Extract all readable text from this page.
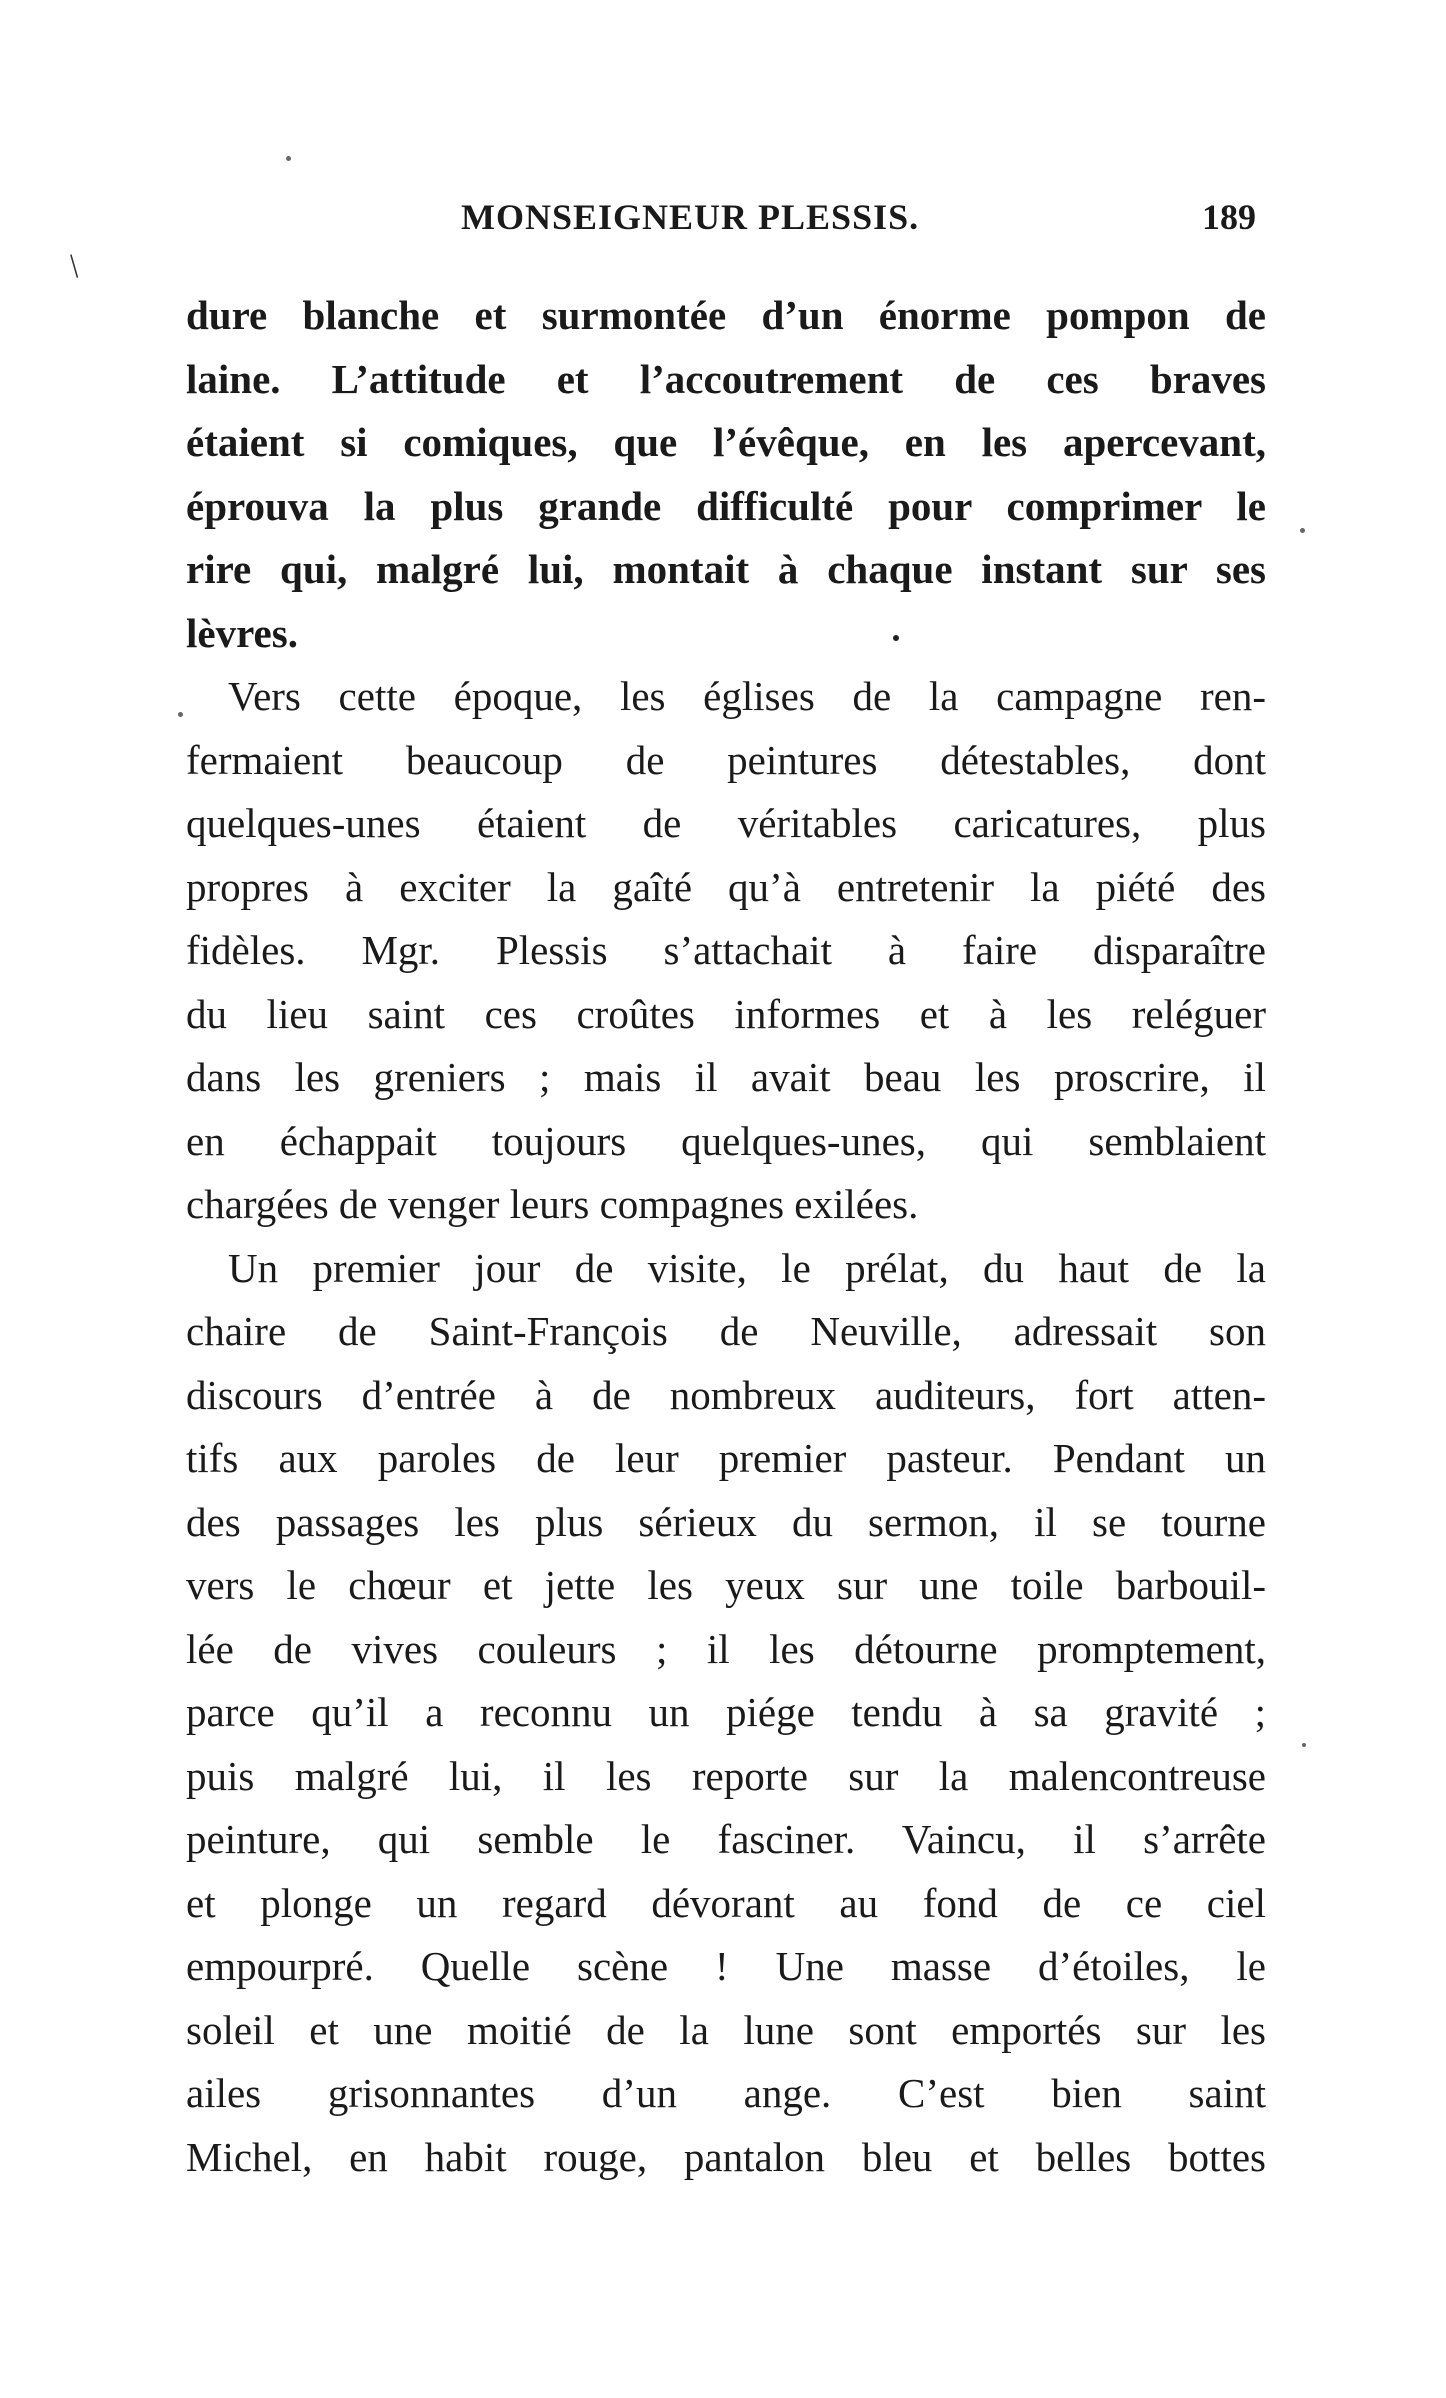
MONSEIGNEUR PLESSIS.	189
/
dure blanche et surmontée d’un énorme pompon de
laine. L’attitude et l’accoutrement de ces braves
étaient si comiques, que l’évêque, en les apercevant,
éprouva la plus grande difficulté pour comprimer le
rire qui, malgré lui, montait à chaque instant sur ses
lèvres.
Vers cette époque, les églises de la campagne ren-
fermaient beaucoup de peintures détestables, dont
quelques-unes étaient de véritables caricatures, plus
propres à exciter la gaîté qu’à entretenir la piété des
fidèles. Mgr. Plessis s’attachait à faire disparaître
du lieu saint ces croûtes informes et à les reléguer
dans les greniers ; mais il avait beau les proscrire, il
en échappait toujours quelques-unes, qui semblaient
chargées de venger leurs compagnes exilées.
Un premier jour de visite, le prélat, du haut de la
chaire de Saint-François de Neuville, adressait son
discours d’entrée à de nombreux auditeurs, fort atten-
tifs aux paroles de leur premier pasteur. Pendant un
des passages les plus sérieux du sermon, il se tourne
vers le chœur et jette les yeux sur une toile barbouil-
lée de vives couleurs ; il les détourne promptement,
parce qu’il a reconnu un piége tendu à sa gravité ;
puis malgré lui, il les reporte sur la malencontreuse
peinture, qui semble le fasciner. Vaincu, il s’arrête
et plonge un regard dévorant au fond de ce ciel
empourpré. Quelle scène ! Une masse d’étoiles, le
soleil et une moitié de la lune sont emportés sur les
ailes grisonnantes d’un ange. C’est bien saint
Michel, en habit rouge, pantalon bleu et belles bottes
